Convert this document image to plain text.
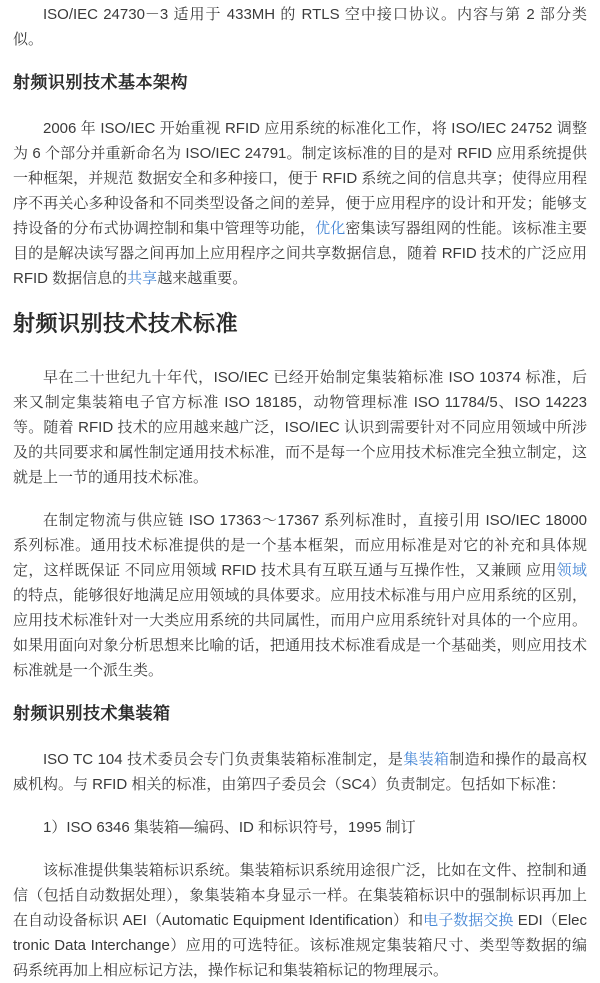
ISO/IEC 24730－3 适用于 433MH 的 RTLS 空中接口协议。内容与第 2 部分类似。

射频识别技术基本架构

2006 年 ISO/IEC 开始重视 RFID 应用系统的标准化工作，将 ISO/IEC 24752 调整为 6 个部分并重新命名为 ISO/IEC 24791。制定该标准的目的是对 RFID 应用系统提供一种框架，并规范 数据安全和多种接口，便于 RFID 系统之间的信息共享；使得应用程序不再关心多种设备和不同类型设备之间的差异，便于应用程序的设计和开发；能够支持设备的分布式协调控制和集中管理等功能，优化密集读写器组网的性能。该标准主要目的是解决读写器之间再加上应用程序之间共享数据信息，随着 RFID 技术的广泛应用 RFID 数据信息的共享越来越重要。

射频识别技术技术标准

早在二十世纪九十年代，ISO/IEC 已经开始制定集装箱标准 ISO 10374 标准，后来又制定集装箱电子官方标准 ISO 18185，动物管理标准 ISO 11784/5、ISO 14223 等。随着 RFID 技术的应用越来越广泛，ISO/IEC 认识到需要针对不同应用领域中所涉及的共同要求和属性制定通用技术标准，而不是每一个应用技术标准完全独立制定，这就是上一节的通用技术标准。

在制定物流与供应链 ISO 17363～17367 系列标准时，直接引用 ISO/IEC 18000 系列标准。通用技术标准提供的是一个基本框架，而应用标准是对它的补充和具体规定，这样既保证 不同应用领域 RFID 技术具有互联互通与互操作性，又兼顾 应用领域的特点，能够很好地满足应用领域的具体要求。应用技术标准与用户应用系统的区别，应用技术标准针对一大类应用系统的共同属性，而用户应用系统针对具体的一个应用。如果用面向对象分析思想来比喻的话，把通用技术标准看成是一个基础类，则应用技术标准就是一个派生类。

射频识别技术集装箱

ISO TC 104 技术委员会专门负责集装箱标准制定，是集装箱制造和操作的最高权威机构。与 RFID 相关的标准，由第四子委员会（SC4）负责制定。包括如下标准：

1）ISO 6346 集装箱—编码、ID 和标识符号，1995 制订

该标准提供集装箱标识系统。集装箱标识系统用途很广泛，比如在文件、控制和通信（包括自动数据处理），象集装箱本身显示一样。在集装箱标识中的强制标识再加上在自动设备标识 AEI（Automatic Equipment Identification）和电子数据交换 EDI（Electronic Data Interchange）应用的可选特征。该标准规定集装箱尺寸、类型等数据的编码系统再加上相应标记方法，操作标记和集装箱标记的物理展示。
